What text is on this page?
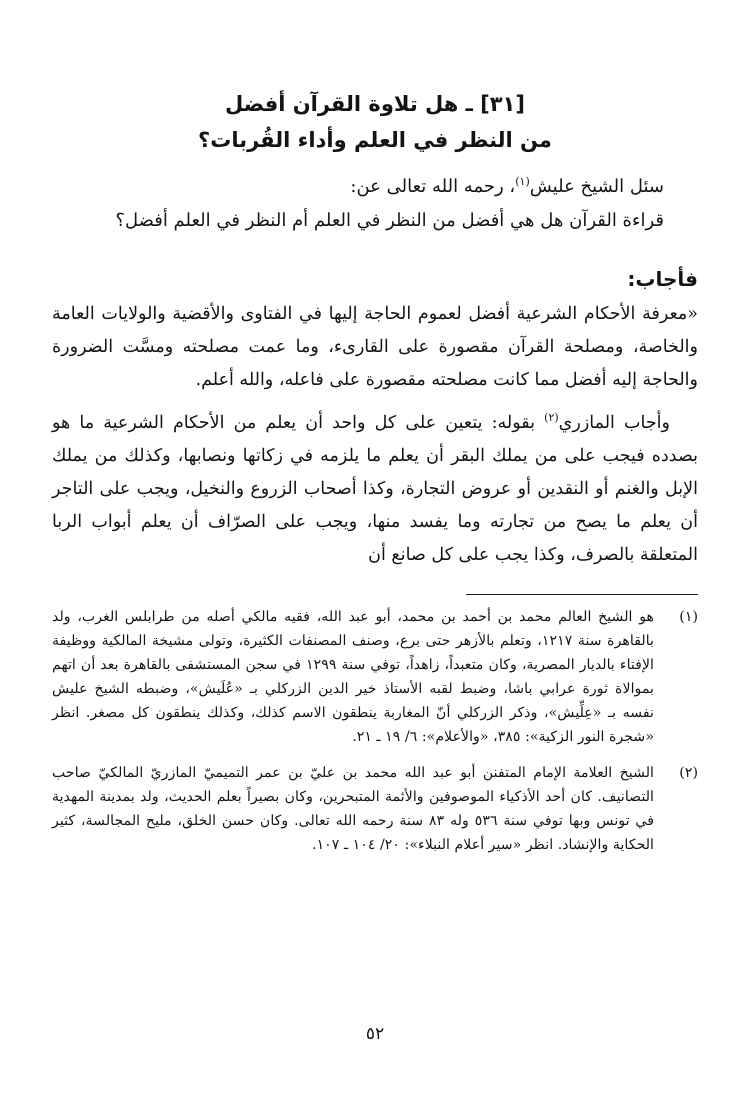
[٣١] ـ هل تلاوة القرآن أفضل
من النظر في العلم وأداء القُربات؟
سئل الشيخ عليش$^{(١)}$، رحمه الله تعالى عن:
قراءة القرآن هل هي أفضل من النظر في العلم أم النظر في العلم أفضل؟
فأجاب:

«معرفة الأحكام الشرعية أفضل لعموم الحاجة إليها في الفتاوى والأقضية والولايات العامة والخاصة، ومصلحة القرآن مقصورة على القارىء، وما عمت مصلحته ومسَّت الضرورة والحاجة إليه أفضل مما كانت مصلحته مقصورة على فاعله، والله أعلم.

وأجاب المازري$^{(٢)}$ بقوله: يتعين على كل واحد أن يعلم من الأحكام الشرعية ما هو بصدده فيجب على من يملك البقر أن يعلم ما يلزمه في زكاتها ونصابها، وكذلك من يملك الإبل والغنم أو النقدين أو عروض التجارة، وكذا أصحاب الزروع والنخيل، ويجب على التاجر أن يعلم ما يصح من تجارته وما يفسد منها، ويجب على الصرّاف أن يعلم أبواب الربا المتعلقة بالصرف، وكذا يجب على كل صانع أن

(١)
هو الشيخ العالم محمد بن أحمد بن محمد، أبو عبد الله، فقيه مالكي أصله من طرابلس الغرب، ولد بالقاهرة سنة ١٢١٧، وتعلم بالأزهر حتى برع، وصنف المصنفات الكثيرة، وتولى مشيخة المالكية ووظيفة الإفتاء بالديار المصرية، وكان متعبداً، زاهداً، توفي سنة ١٢٩٩ في سجن المستشفى بالقاهرة بعد أن اتهم بموالاة ثورة عرابي باشا، وضبط لقبه الأستاذ خير الدين الزركلي بـ «عُلَيش»، وضبطه الشيخ عليش نفسه بـ «عِلِّيش»، وذكر الزركلي أنّ المغاربة ينطقون الاسم كذلك، وكذلك ينطقون كل مصغر. انظر «شجرة النور الزكية»: ٣٨٥، «والأعلام»: ٦/ ١٩ ـ ٢١.
(٢)
الشيخ العلامة الإمام المتفنن أبو عبد الله محمد بن عليّ بن عمر التميميّ المازريّ المالكيّ صاحب التصانيف. كان أحد الأذكياء الموصوفين والأئمة المتبحرين، وكان بصيراً بعلم الحديث، ولد بمدينة المهدية في تونس وبها توفي سنة ٥٣٦ وله ٨٣ سنة رحمه الله تعالى. وكان حسن الخلق، مليح المجالسة، كثير الحكاية والإنشاد. انظر «سير أعلام النبلاء»: ٢٠/ ١٠٤ ـ ١٠٧.
٥٢
